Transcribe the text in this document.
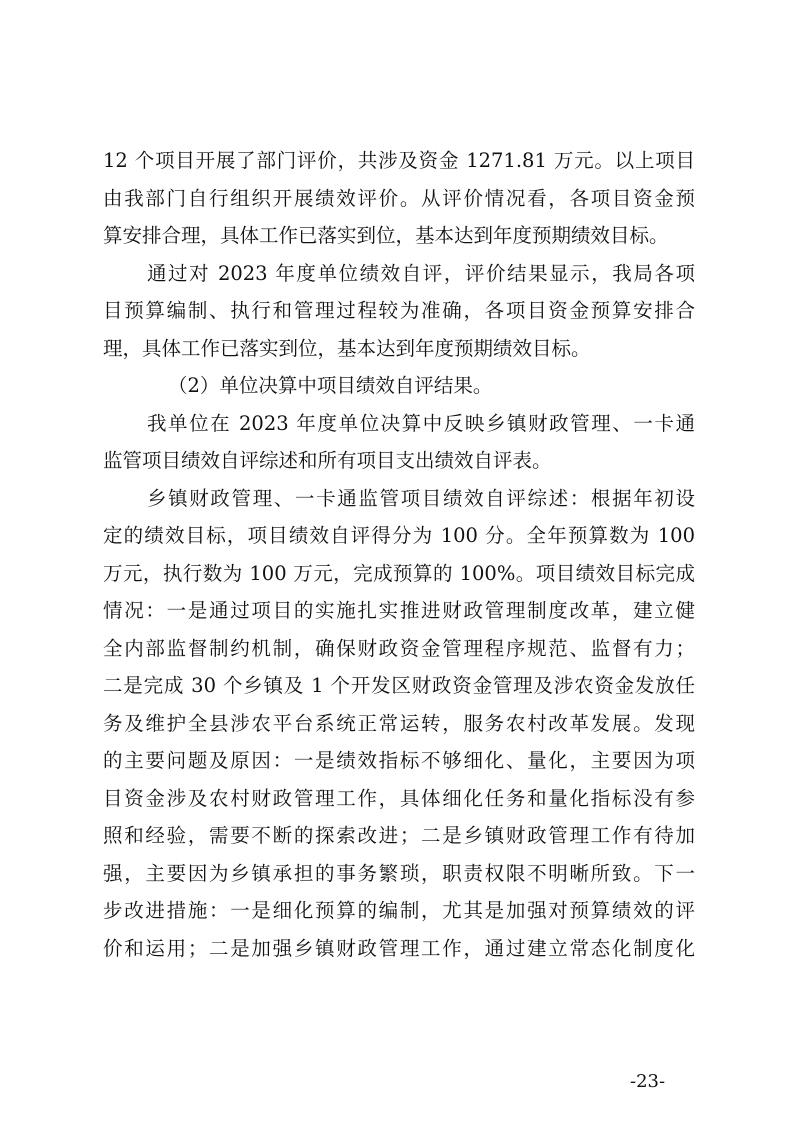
12 个项目开展了部门评价，共涉及资金 1271.81 万元。以上项目
由我部门自行组织开展绩效评价。从评价情况看，各项目资金预
算安排合理，具体工作已落实到位，基本达到年度预期绩效目标。
通过对 2023 年度单位绩效自评，评价结果显示，我局各项
目预算编制、执行和管理过程较为准确，各项目资金预算安排合
理，具体工作已落实到位，基本达到年度预期绩效目标。
（2）单位决算中项目绩效自评结果。
我单位在 2023 年度单位决算中反映乡镇财政管理、一卡通
监管项目绩效自评综述和所有项目支出绩效自评表。
乡镇财政管理、一卡通监管项目绩效自评综述：根据年初设
定的绩效目标，项目绩效自评得分为 100 分。全年预算数为 100
万元，执行数为 100 万元，完成预算的 100%。项目绩效目标完成
情况：一是通过项目的实施扎实推进财政管理制度改革，建立健
全内部监督制约机制，确保财政资金管理程序规范、监督有力；
二是完成 30 个乡镇及 1 个开发区财政资金管理及涉农资金发放任
务及维护全县涉农平台系统正常运转，服务农村改革发展。发现
的主要问题及原因：一是绩效指标不够细化、量化，主要因为项
目资金涉及农村财政管理工作，具体细化任务和量化指标没有参
照和经验，需要不断的探索改进；二是乡镇财政管理工作有待加
强，主要因为乡镇承担的事务繁琐，职责权限不明晰所致。下一
步改进措施：一是细化预算的编制，尤其是加强对预算绩效的评
价和运用；二是加强乡镇财政管理工作，通过建立常态化制度化
-23-
